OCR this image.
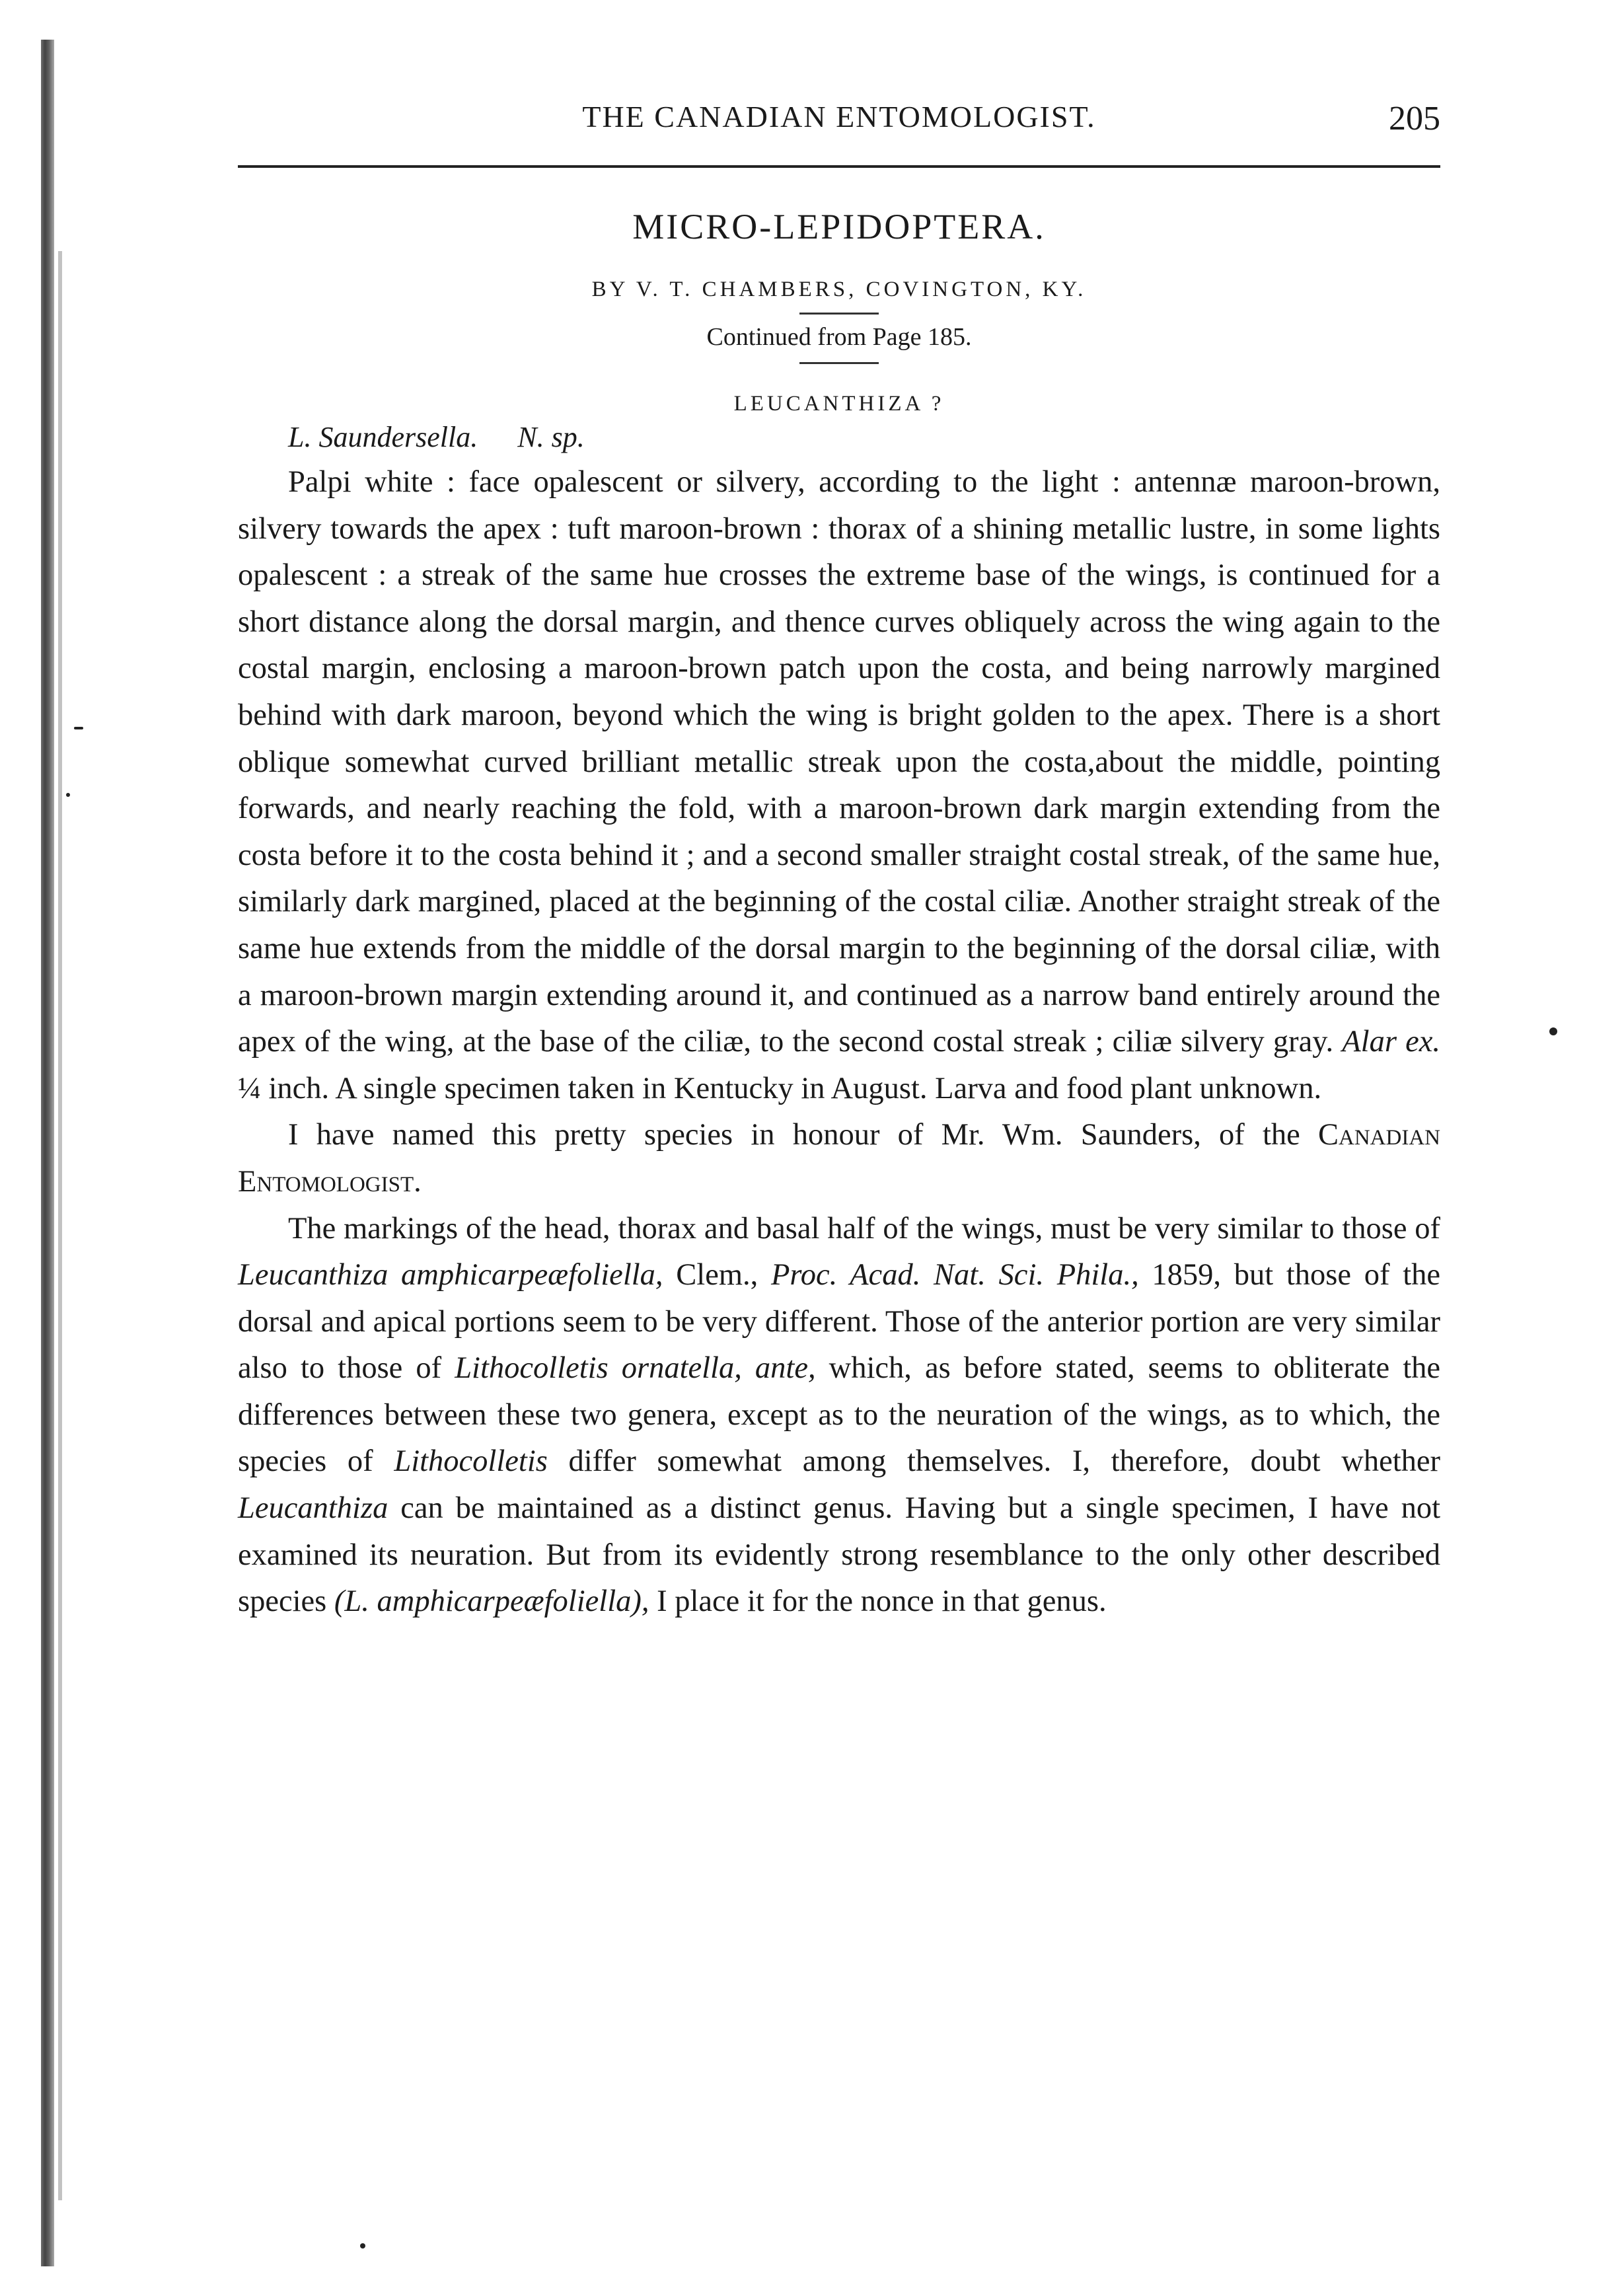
THE CANADIAN ENTOMOLOGIST.	205
MICRO-LEPIDOPTERA.
BY V. T. CHAMBERS, COVINGTON, KY.
Continued from Page 185.
LEUCANTHIZA ?
L. Saundersella. N. sp.

Palpi white : face opalescent or silvery, according to the light : antennæ maroon-brown, silvery towards the apex : tuft maroon-brown : thorax of a shining metallic lustre, in some lights opalescent : a streak of the same hue crosses the extreme base of the wings, is continued for a short distance along the dorsal margin, and thence curves obliquely across the wing again to the costal margin, enclosing a maroon-brown patch upon the costa, and being narrowly margined behind with dark maroon, beyond which the wing is bright golden to the apex. There is a short oblique somewhat curved brilliant metallic streak upon the costa,about the middle, pointing forwards, and nearly reaching the fold, with a maroon-brown dark margin extending from the costa before it to the costa behind it ; and a second smaller straight costal streak, of the same hue, similarly dark margined, placed at the beginning of the costal ciliæ. Another straight streak of the same hue extends from the middle of the dorsal margin to the beginning of the dorsal ciliæ, with a maroon-brown margin extending around it, and continued as a narrow band entirely around the apex of the wing, at the base of the ciliæ, to the second costal streak ; ciliæ silvery gray. Alar ex. ¼ inch. A single specimen taken in Kentucky in August. Larva and food plant unknown.

I have named this pretty species in honour of Mr. Wm. Saunders, of the Canadian Entomologist.

The markings of the head, thorax and basal half of the wings, must be very similar to those of Leucanthiza amphicarpeæfoliella, Clem., Proc. Acad. Nat. Sci. Phila., 1859, but those of the dorsal and apical portions seem to be very different. Those of the anterior portion are very similar also to those of Lithocolletis ornatella, ante, which, as before stated, seems to obliterate the differences between these two genera, except as to the neuration of the wings, as to which, the species of Lithocolletis differ somewhat among themselves. I, therefore, doubt whether Leucanthiza can be maintained as a distinct genus. Having but a single specimen, I have not examined its neuration. But from its evidently strong resemblance to the only other described species (L. amphicarpeæfoliella), I place it for the nonce in that genus.
